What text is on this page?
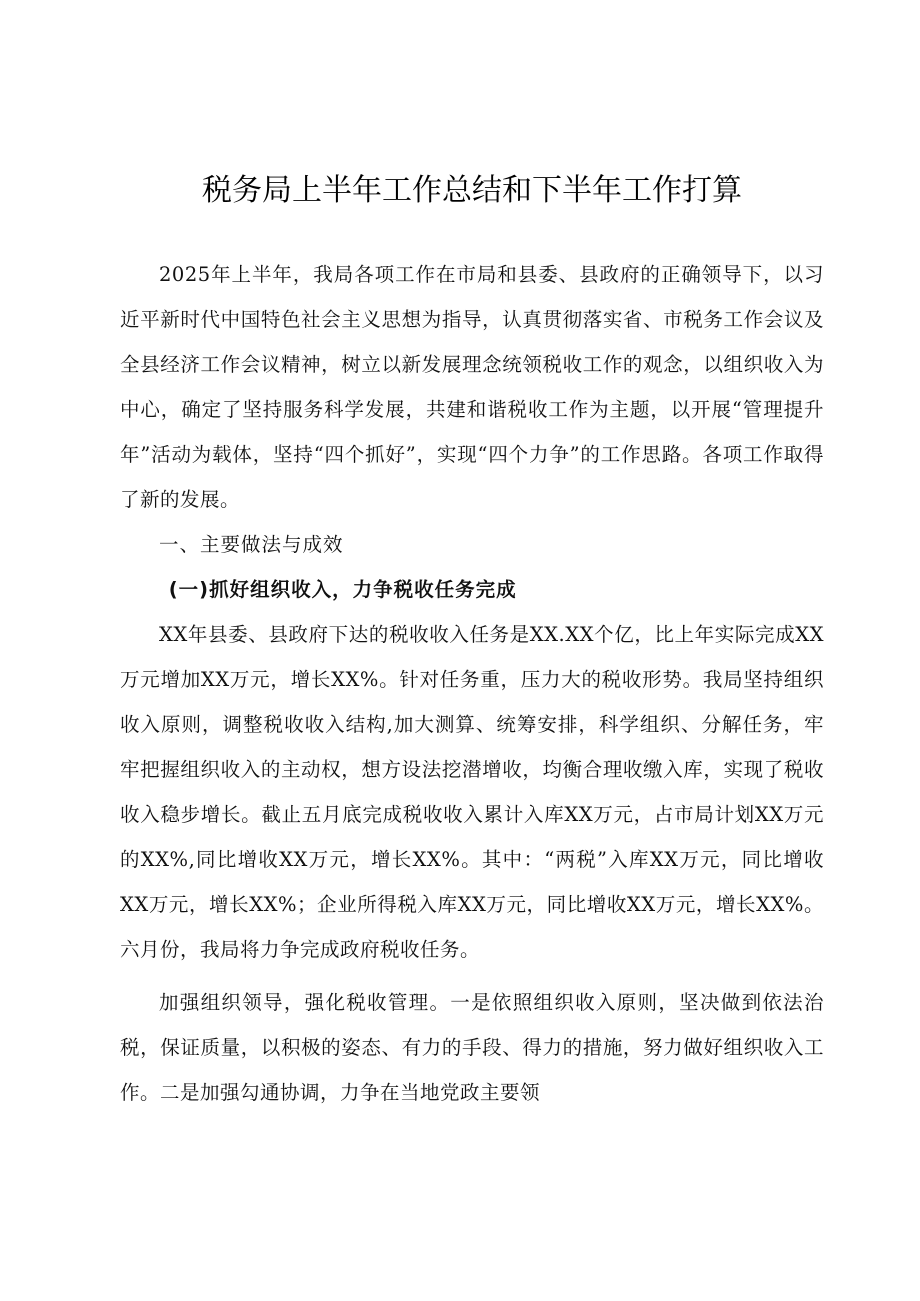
税务局上半年工作总结和下半年工作打算

2025年上半年，我局各项工作在市局和县委、县政府的正确领导下，以习近平新时代中国特色社会主义思想为指导，认真贯彻落实省、市税务工作会议及全县经济工作会议精神，树立以新发展理念统领税收工作的观念，以组织收入为中心，确定了坚持服务科学发展，共建和谐税收工作为主题，以开展“管理提升年”活动为载体，坚持“四个抓好”，实现“四个力争”的工作思路。各项工作取得了新的发展。

一、主要做法与成效

(一)抓好组织收入，力争税收任务完成

XX年县委、县政府下达的税收收入任务是XX.XX个亿，比上年实际完成XX万元增加XX万元，增长XX%。针对任务重，压力大的税收形势。我局坚持组织收入原则，调整税收收入结构,加大测算、统筹安排，科学组织、分解任务，牢牢把握组织收入的主动权，想方设法挖潜增收，均衡合理收缴入库，实现了税收收入稳步增长。截止五月底完成税收收入累计入库XX万元，占市局计划XX万元的XX%,同比增收XX万元，增长XX%。其中：“两税”入库XX万元，同比增收XX万元，增长XX%；企业所得税入库XX万元，同比增收XX万元，增长XX%。六月份，我局将力争完成政府税收任务。

加强组织领导，强化税收管理。一是依照组织收入原则，坚决做到依法治税，保证质量，以积极的姿态、有力的手段、得力的措施，努力做好组织收入工作。二是加强勾通协调，力争在当地党政主要领
